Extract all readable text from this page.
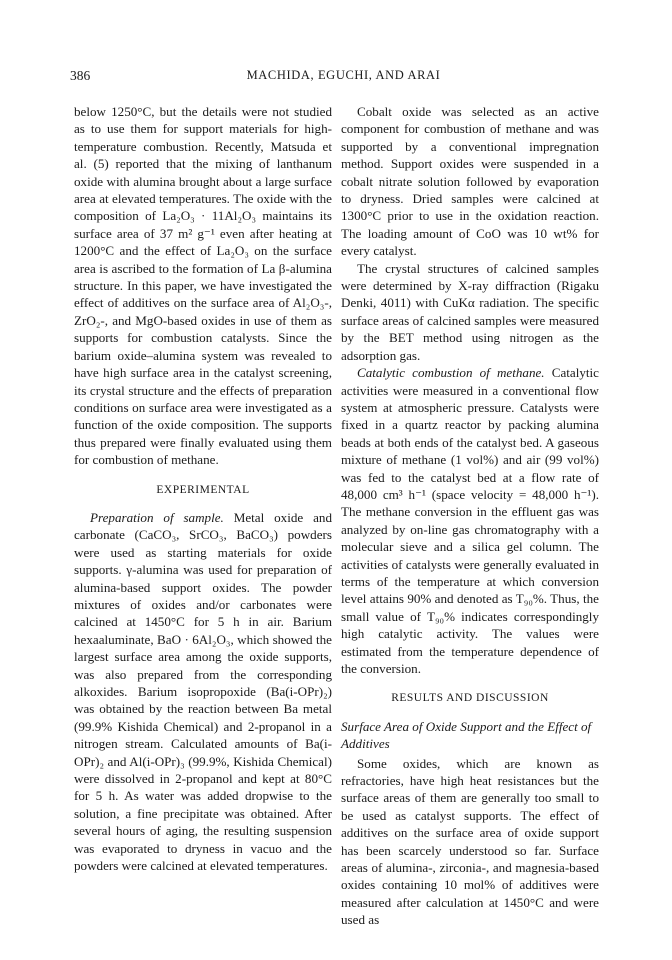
386	MACHIDA, EGUCHI, AND ARAI

below 1250°C, but the details were not studied as to use them for support materials for high-temperature combustion. Recently, Matsuda et al. (5) reported that the mixing of lanthanum oxide with alumina brought about a large surface area at elevated temperatures. The oxide with the composition of La₂O₃ · 11Al₂O₃ maintains its surface area of 37 m² g⁻¹ even after heating at 1200°C and the effect of La₂O₃ on the surface area is ascribed to the formation of La β-alumina structure. In this paper, we have investigated the effect of additives on the surface area of Al₂O₃-, ZrO₂-, and MgO-based oxides in use of them as supports for combustion catalysts. Since the barium oxide–alumina system was revealed to have high surface area in the catalyst screening, its crystal structure and the effects of preparation conditions on surface area were investigated as a function of the oxide composition. The supports thus prepared were finally evaluated using them for combustion of methane.

EXPERIMENTAL

Preparation of sample. Metal oxide and carbonate (CaCO₃, SrCO₃, BaCO₃) powders were used as starting materials for oxide supports. γ-alumina was used for preparation of alumina-based support oxides. The powder mixtures of oxides and/or carbonates were calcined at 1450°C for 5 h in air. Barium hexaaluminate, BaO · 6Al₂O₃, which showed the largest surface area among the oxide supports, was also prepared from the corresponding alkoxides. Barium isopropoxide (Ba(i-OPr)₂) was obtained by the reaction between Ba metal (99.9% Kishida Chemical) and 2-propanol in a nitrogen stream. Calculated amounts of Ba(i-OPr)₂ and Al(i-OPr)₃ (99.9%, Kishida Chemical) were dissolved in 2-propanol and kept at 80°C for 5 h. As water was added dropwise to the solution, a fine precipitate was obtained. After several hours of aging, the resulting suspension was evaporated to dryness in vacuo and the powders were calcined at elevated temperatures.

Cobalt oxide was selected as an active component for combustion of methane and was supported by a conventional impregnation method. Support oxides were suspended in a cobalt nitrate solution followed by evaporation to dryness. Dried samples were calcined at 1300°C prior to use in the oxidation reaction. The loading amount of CoO was 10 wt% for every catalyst.

The crystal structures of calcined samples were determined by X-ray diffraction (Rigaku Denki, 4011) with CuKα radiation. The specific surface areas of calcined samples were measured by the BET method using nitrogen as the adsorption gas.

Catalytic combustion of methane. Catalytic activities were measured in a conventional flow system at atmospheric pressure. Catalysts were fixed in a quartz reactor by packing alumina beads at both ends of the catalyst bed. A gaseous mixture of methane (1 vol%) and air (99 vol%) was fed to the catalyst bed at a flow rate of 48,000 cm³ h⁻¹ (space velocity = 48,000 h⁻¹). The methane conversion in the effluent gas was analyzed by on-line gas chromatography with a molecular sieve and a silica gel column. The activities of catalysts were generally evaluated in terms of the temperature at which conversion level attains 90% and denoted as T₉₀%. Thus, the small value of T₉₀% indicates correspondingly high catalytic activity. The values were estimated from the temperature dependence of the conversion.

RESULTS AND DISCUSSION

Surface Area of Oxide Support and the Effect of Additives

Some oxides, which are known as refractories, have high heat resistances but the surface areas of them are generally too small to be used as catalyst supports. The effect of additives on the surface area of oxide support has been scarcely understood so far. Surface areas of alumina-, zirconia-, and magnesia-based oxides containing 10 mol% of additives were measured after calculation at 1450°C and were used as
